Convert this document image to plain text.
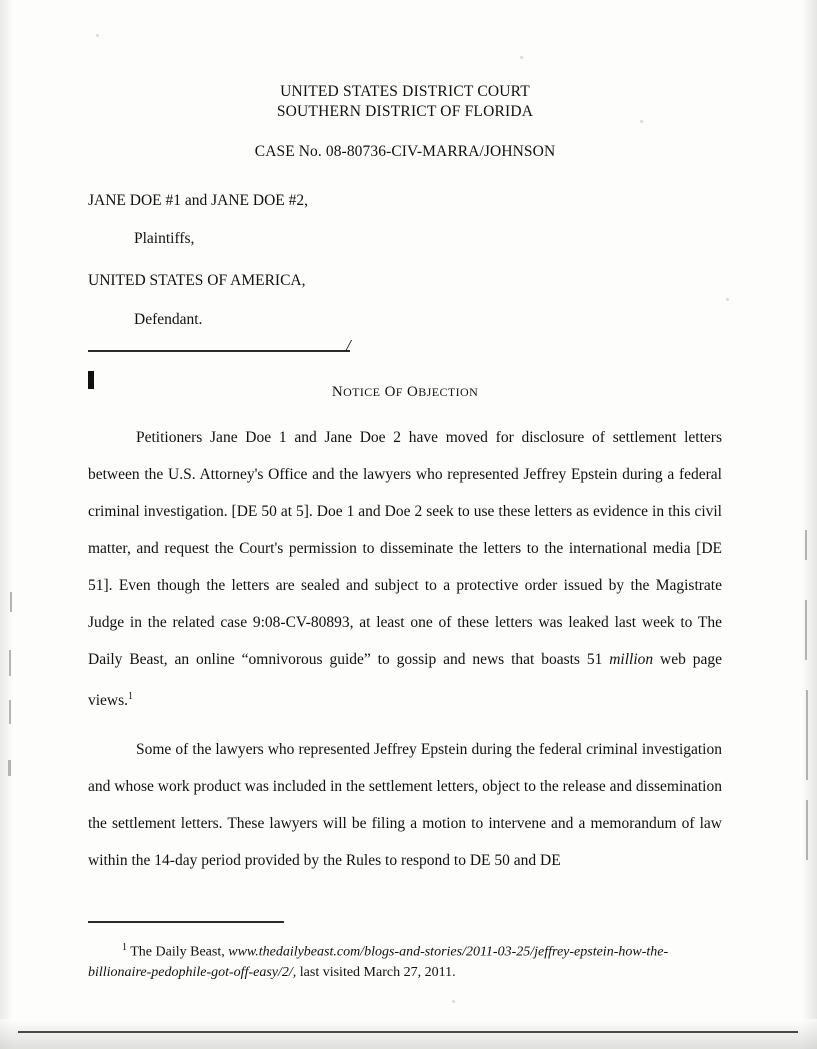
UNITED STATES DISTRICT COURT
SOUTHERN DISTRICT OF FLORIDA
CASE No. 08-80736-CIV-MARRA/JOHNSON
JANE DOE #1 and JANE DOE #2,
Plaintiffs,
UNITED STATES OF AMERICA,
Defendant.
/
NOTICE OF OBJECTION

Petitioners Jane Doe 1 and Jane Doe 2 have moved for disclosure of settlement letters between the U.S. Attorney's Office and the lawyers who represented Jeffrey Epstein during a federal criminal investigation. [DE 50 at 5]. Doe 1 and Doe 2 seek to use these letters as evidence in this civil matter, and request the Court's permission to disseminate the letters to the international media [DE 51]. Even though the letters are sealed and subject to a protective order issued by the Magistrate Judge in the related case 9:08-CV-80893, at least one of these letters was leaked last week to The Daily Beast, an online “omnivorous guide” to gossip and news that boasts 51 million web page views.$^1$

Some of the lawyers who represented Jeffrey Epstein during the federal criminal investigation and whose work product was included in the settlement letters, object to the release and dissemination the settlement letters. These lawyers will be filing a motion to intervene and a memorandum of law within the 14-day period provided by the Rules to respond to DE 50 and DE

$^1$ The Daily Beast, www.thedailybeast.com/blogs-and-stories/2011-03-25/jeffrey-epstein-how-the-billionaire-pedophile-got-off-easy/2/, last visited March 27, 2011.
